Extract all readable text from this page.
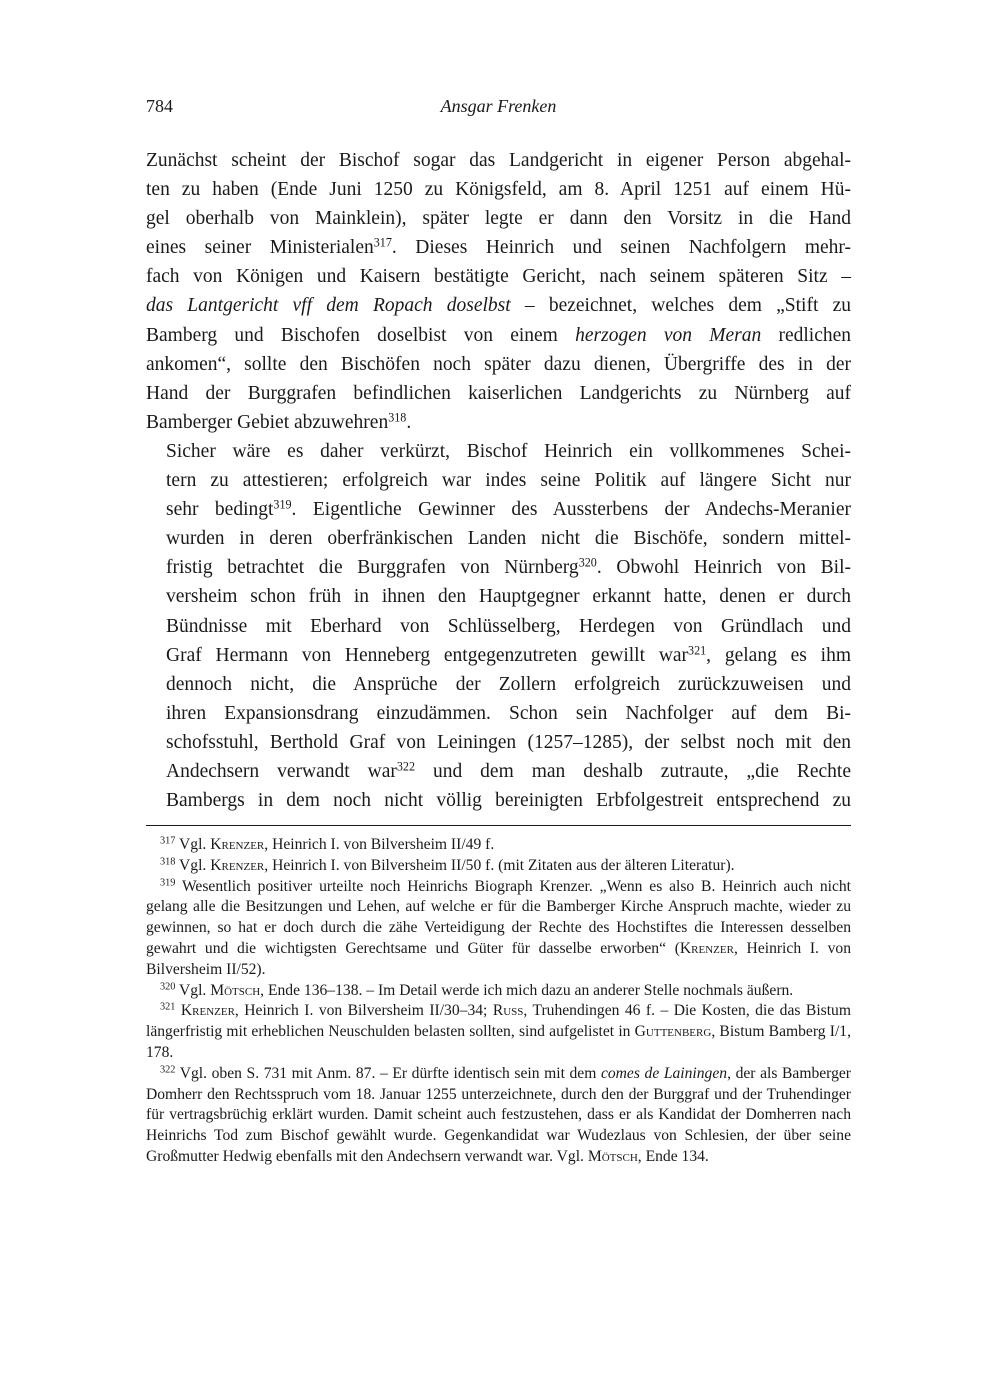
784	Ansgar Frenken

Zunächst scheint der Bischof sogar das Landgericht in eigener Person abgehal-
ten zu haben (Ende Juni 1250 zu Königsfeld, am 8. April 1251 auf einem Hü-
gel oberhalb von Mainklein), später legte er dann den Vorsitz in die Hand
eines seiner Ministerialen$^{317}$. Dieses Heinrich und seinen Nachfolgern mehr-
fach von Königen und Kaisern bestätigte Gericht, nach seinem späteren Sitz –
das Lantgericht vff dem Ropach doselbst – bezeichnet, welches dem „Stift zu
Bamberg und Bischofen doselbist von einem herzogen von Meran redlichen
ankomen“, sollte den Bischöfen noch später dazu dienen, Übergriffe des in der
Hand der Burggrafen befindlichen kaiserlichen Landgerichts zu Nürnberg auf
Bamberger Gebiet abzuwehren$^{318}$.

Sicher wäre es daher verkürzt, Bischof Heinrich ein vollkommenes Schei-
tern zu attestieren; erfolgreich war indes seine Politik auf längere Sicht nur
sehr bedingt$^{319}$. Eigentliche Gewinner des Aussterbens der Andechs-Meranier
wurden in deren oberfränkischen Landen nicht die Bischöfe, sondern mittel-
fristig betrachtet die Burggrafen von Nürnberg$^{320}$. Obwohl Heinrich von Bil-
versheim schon früh in ihnen den Hauptgegner erkannt hatte, denen er durch
Bündnisse mit Eberhard von Schlüsselberg, Herdegen von Gründlach und
Graf Hermann von Henneberg entgegenzutreten gewillt war$^{321}$, gelang es ihm
dennoch nicht, die Ansprüche der Zollern erfolgreich zurückzuweisen und
ihren Expansionsdrang einzudämmen. Schon sein Nachfolger auf dem Bi-
schofsstuhl, Berthold Graf von Leiningen (1257–1285), der selbst noch mit den
Andechsern verwandt war$^{322}$ und dem man deshalb zutraute, „die Rechte
Bambergs in dem noch nicht völlig bereinigten Erbfolgestreit entsprechend zu

$^{317}$ Vgl. Krenzer, Heinrich I. von Bilversheim II/49 f.

$^{318}$ Vgl. Krenzer, Heinrich I. von Bilversheim II/50 f. (mit Zitaten aus der älteren Literatur).

$^{319}$ Wesentlich positiver urteilte noch Heinrichs Biograph Krenzer. „Wenn es also B. Heinrich auch nicht gelang alle die Besitzungen und Lehen, auf welche er für die Bamberger Kirche Anspruch machte, wieder zu gewinnen, so hat er doch durch die zähe Verteidigung der Rechte des Hochstiftes die Interessen desselben gewahrt und die wichtigsten Gerechtsame und Güter für dasselbe erworben“ (Krenzer, Heinrich I. von Bilversheim II/52).

$^{320}$ Vgl. Mötsch, Ende 136–138. – Im Detail werde ich mich dazu an anderer Stelle nochmals äußern.

$^{321}$ Krenzer, Heinrich I. von Bilversheim II/30–34; Russ, Truhendingen 46 f. – Die Kosten, die das Bistum längerfristig mit erheblichen Neuschulden belasten sollten, sind aufgelistet in Guttenberg, Bistum Bamberg I/1, 178.

$^{322}$ Vgl. oben S. 731 mit Anm. 87. – Er dürfte identisch sein mit dem comes de Lainingen, der als Bamberger Domherr den Rechtsspruch vom 18. Januar 1255 unterzeichnete, durch den der Burggraf und der Truhendinger für vertragsbrüchig erklärt wurden. Damit scheint auch festzustehen, dass er als Kandidat der Domherren nach Heinrichs Tod zum Bischof gewählt wurde. Gegenkandidat war Wudezlaus von Schlesien, der über seine Großmutter Hedwig ebenfalls mit den Andechsern verwandt war. Vgl. Mötsch, Ende 134.
